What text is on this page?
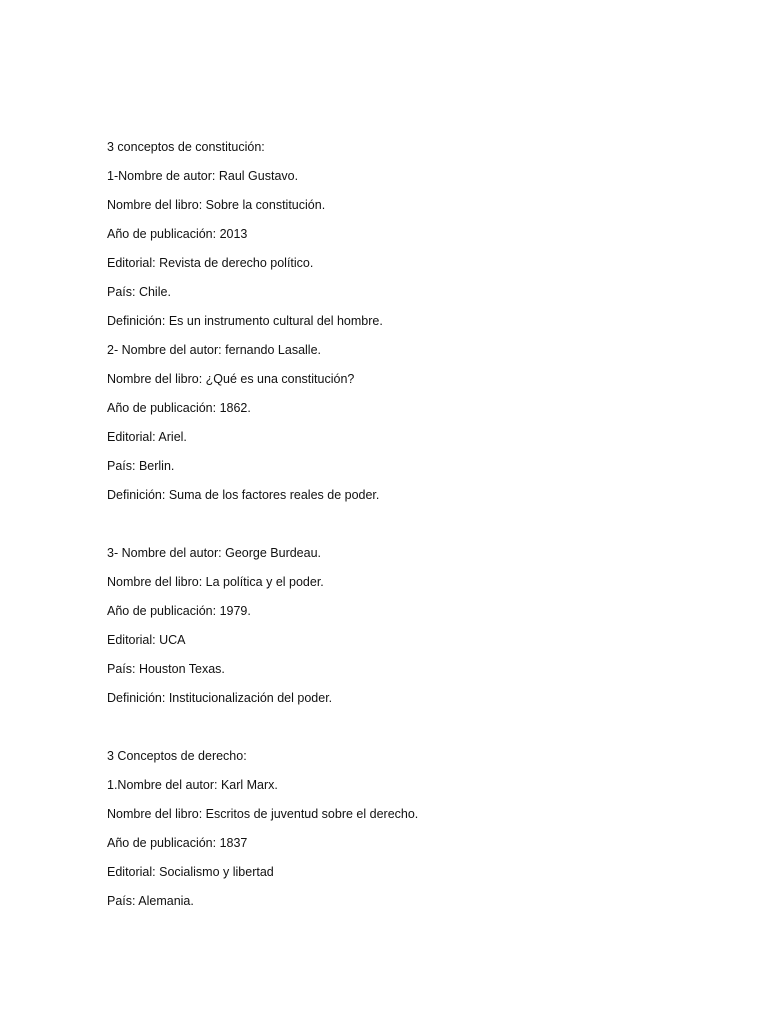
3 conceptos de constitución:
1-Nombre de autor: Raul Gustavo.
Nombre del libro: Sobre la constitución.
Año de publicación: 2013
Editorial: Revista de derecho político.
País: Chile.
Definición: Es un instrumento cultural del hombre.
2- Nombre del autor: fernando Lasalle.
Nombre del libro: ¿Qué es una constitución?
Año de publicación: 1862.
Editorial: Ariel.
País: Berlin.
Definición: Suma de los factores reales de poder.
3- Nombre del autor: George Burdeau.
Nombre del libro: La política y el poder.
Año de publicación: 1979.
Editorial: UCA
País: Houston Texas.
Definición: Institucionalización del poder.
3 Conceptos de derecho:
1.Nombre del autor: Karl Marx.
Nombre del libro: Escritos de juventud sobre el derecho.
Año de publicación: 1837
Editorial: Socialismo y libertad
País: Alemania.
